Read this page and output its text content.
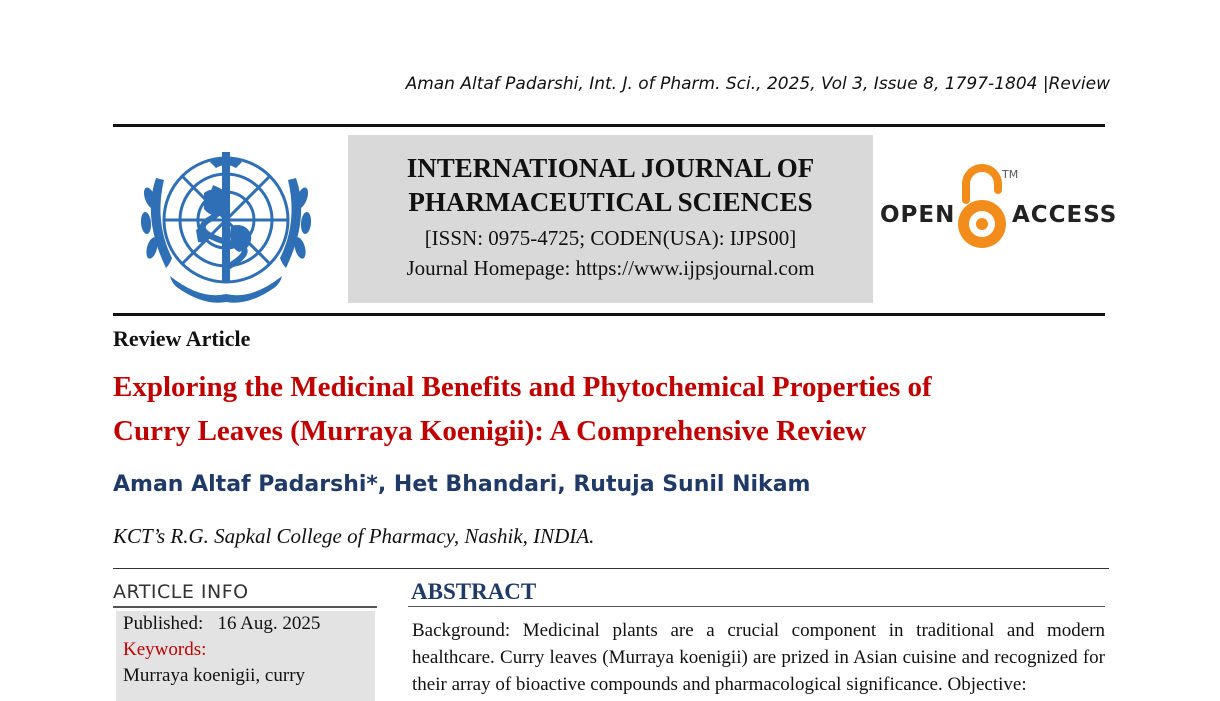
Aman Altaf Padarshi, Int. J. of Pharm. Sci., 2025, Vol 3, Issue 8, 1797-1804 |Review
INTERNATIONAL JOURNAL OF
PHARMACEUTICAL SCIENCES
[ISSN: 0975-4725; CODEN(USA): IJPS00]
Journal Homepage: https://www.ijpsjournal.com
OPEN
TM
ACCESS
Review Article
Exploring the Medicinal Benefits and Phytochemical Properties of
Curry Leaves (Murraya Koenigii): A Comprehensive Review
Aman Altaf Padarshi*, Het Bhandari, Rutuja Sunil Nikam
KCT’s R.G. Sapkal College of Pharmacy, Nashik, INDIA.
ARTICLE INFO
Published: 16 Aug. 2025
Keywords:
Murraya koenigii, curry
ABSTRACT
Background: Medicinal plants are a crucial component in traditional and modern healthcare. Curry leaves (Murraya koenigii) are prized in Asian cuisine and recognized for their array of bioactive compounds and pharmacological significance. Objective:
